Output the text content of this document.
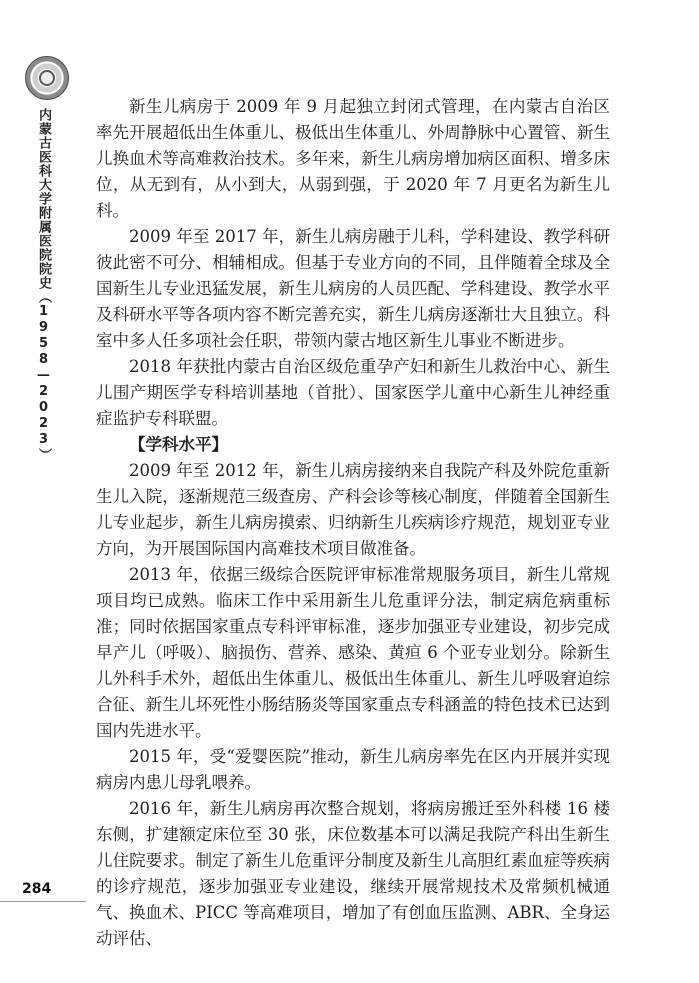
内蒙古医科大学附属医院院史（1958—2023）
284

新生儿病房于 2009 年 9 月起独立封闭式管理，在内蒙古自治区率先开展超低出生体重儿、极低出生体重儿、外周静脉中心置管、新生儿换血术等高难救治技术。多年来，新生儿病房增加病区面积、增多床位，从无到有，从小到大，从弱到强，于 2020 年 7 月更名为新生儿科。

2009 年至 2017 年，新生儿病房融于儿科，学科建设、教学科研彼此密不可分、相辅相成。但基于专业方向的不同，且伴随着全球及全国新生儿专业迅猛发展，新生儿病房的人员匹配、学科建设、教学水平及科研水平等各项内容不断完善充实，新生儿病房逐渐壮大且独立。科室中多人任多项社会任职，带领内蒙古地区新生儿事业不断进步。

2018 年获批内蒙古自治区级危重孕产妇和新生儿救治中心、新生儿围产期医学专科培训基地（首批）、国家医学儿童中心新生儿神经重症监护专科联盟。

【学科水平】

2009 年至 2012 年，新生儿病房接纳来自我院产科及外院危重新生儿入院，逐渐规范三级查房、产科会诊等核心制度，伴随着全国新生儿专业起步，新生儿病房摸索、归纳新生儿疾病诊疗规范，规划亚专业方向，为开展国际国内高难技术项目做准备。

2013 年，依据三级综合医院评审标准常规服务项目，新生儿常规项目均已成熟。临床工作中采用新生儿危重评分法，制定病危病重标准；同时依据国家重点专科评审标准，逐步加强亚专业建设，初步完成早产儿（呼吸）、脑损伤、营养、感染、黄疸 6 个亚专业划分。除新生儿外科手术外，超低出生体重儿、极低出生体重儿、新生儿呼吸窘迫综合征、新生儿坏死性小肠结肠炎等国家重点专科涵盖的特色技术已达到国内先进水平。

2015 年，受“爱婴医院”推动，新生儿病房率先在区内开展并实现病房内患儿母乳喂养。

2016 年，新生儿病房再次整合规划，将病房搬迁至外科楼 16 楼东侧，扩建额定床位至 30 张，床位数基本可以满足我院产科出生新生儿住院要求。制定了新生儿危重评分制度及新生儿高胆红素血症等疾病的诊疗规范，逐步加强亚专业建设，继续开展常规技术及常频机械通气、换血术、PICC 等高难项目，增加了有创血压监测、ABR、全身运动评估、
